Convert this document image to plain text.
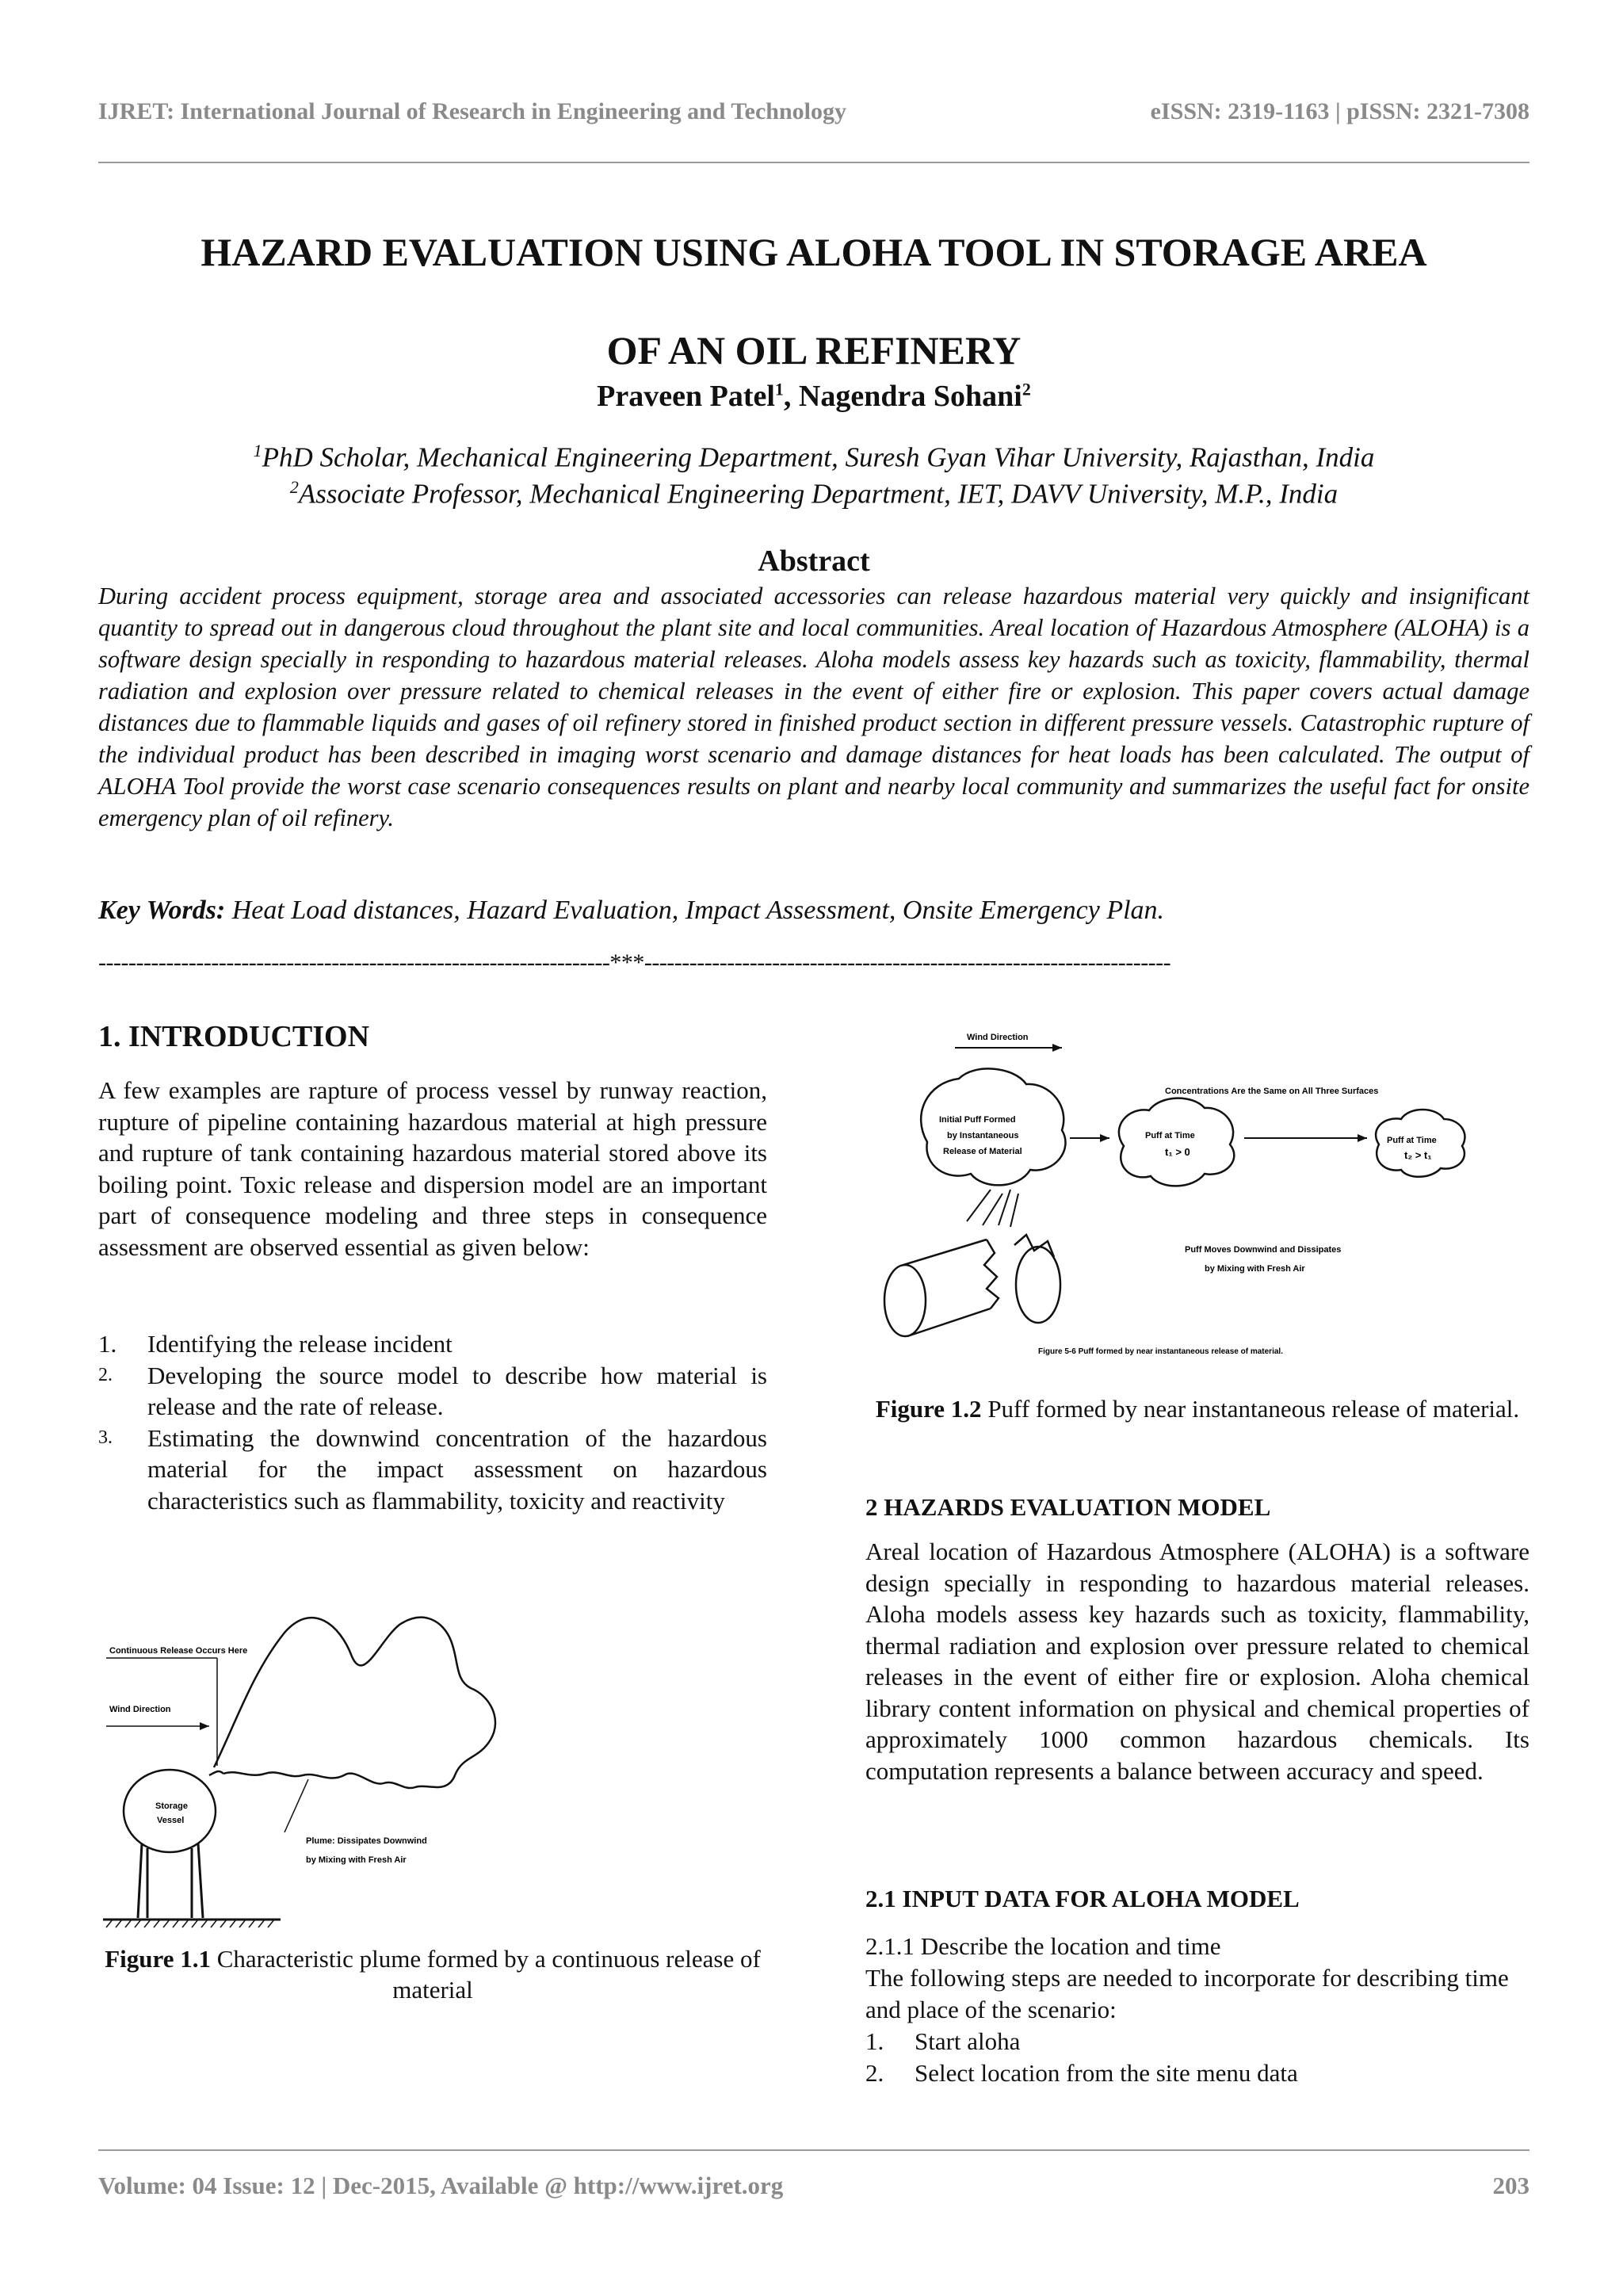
IJRET: International Journal of Research in Engineering and Technology	eISSN: 2319-1163 | pISSN: 2321-7308
HAZARD EVALUATION USING ALOHA TOOL IN STORAGE AREA
OF AN OIL REFINERY
Praveen Patel$^1$, Nagendra Sohani$^2$
$^1$PhD Scholar, Mechanical Engineering Department, Suresh Gyan Vihar University, Rajasthan, India
$^2$Associate Professor, Mechanical Engineering Department, IET, DAVV University, M.P., India
Abstract
During accident process equipment, storage area and associated accessories can release hazardous material very quickly and insignificant quantity to spread out in dangerous cloud throughout the plant site and local communities. Areal location of Hazardous Atmosphere (ALOHA) is a software design specially in responding to hazardous material releases. Aloha models assess key hazards such as toxicity, flammability, thermal radiation and explosion over pressure related to chemical releases in the event of either fire or explosion. This paper covers actual damage distances due to flammable liquids and gases of oil refinery stored in finished product section in different pressure vessels. Catastrophic rupture of the individual product has been described in imaging worst scenario and damage distances for heat loads has been calculated. The output of ALOHA Tool provide the worst case scenario consequences results on plant and nearby local community and summarizes the useful fact for onsite emergency plan of oil refinery.
Key Words: Heat Load distances, Hazard Evaluation, Impact Assessment, Onsite Emergency Plan.
--------------------------------------------------------------------***----------------------------------------------------------------------
1. INTRODUCTION
A few examples are rapture of process vessel by runway reaction, rupture of pipeline containing hazardous material at high pressure and rupture of tank containing hazardous material stored above its boiling point. Toxic release and dispersion model are an important part of consequence modeling and three steps in consequence assessment are observed essential as given below:
1.	Identifying the release incident
2.	Developing the source model to describe how material is release and the rate of release.
3.	Estimating the downwind concentration of the hazardous material for the impact assessment on hazardous characteristics such as flammability, toxicity and reactivity
Continuous Release Occurs Here
Wind Direction
Storage
Vessel
Plume: Dissipates Downwind
by Mixing with Fresh Air
Figure 1.1 Characteristic plume formed by a continuous release of material
Wind Direction
Concentrations Are the Same on All Three Surfaces
Initial Puff Formed
by Instantaneous
Release of Material
Puff at Time
t₁ > 0
Puff at Time
t₂ > t₁
Puff Moves Downwind and Dissipates
by Mixing with Fresh Air
Figure 5-6 Puff formed by near instantaneous release of material.
Figure 1.2 Puff formed by near instantaneous release of material.
2 HAZARDS EVALUATION MODEL
Areal location of Hazardous Atmosphere (ALOHA) is a software design specially in responding to hazardous material releases. Aloha models assess key hazards such as toxicity, flammability, thermal radiation and explosion over pressure related to chemical releases in the event of either fire or explosion. Aloha chemical library content information on physical and chemical properties of approximately 1000 common hazardous chemicals. Its computation represents a balance between accuracy and speed.
2.1 INPUT DATA FOR ALOHA MODEL
2.1.1 Describe the location and time
The following steps are needed to incorporate for describing time and place of the scenario:
1.	Start aloha
2.	Select location from the site menu data
Volume: 04 Issue: 12 | Dec-2015, Available @ http://www.ijret.org	203
